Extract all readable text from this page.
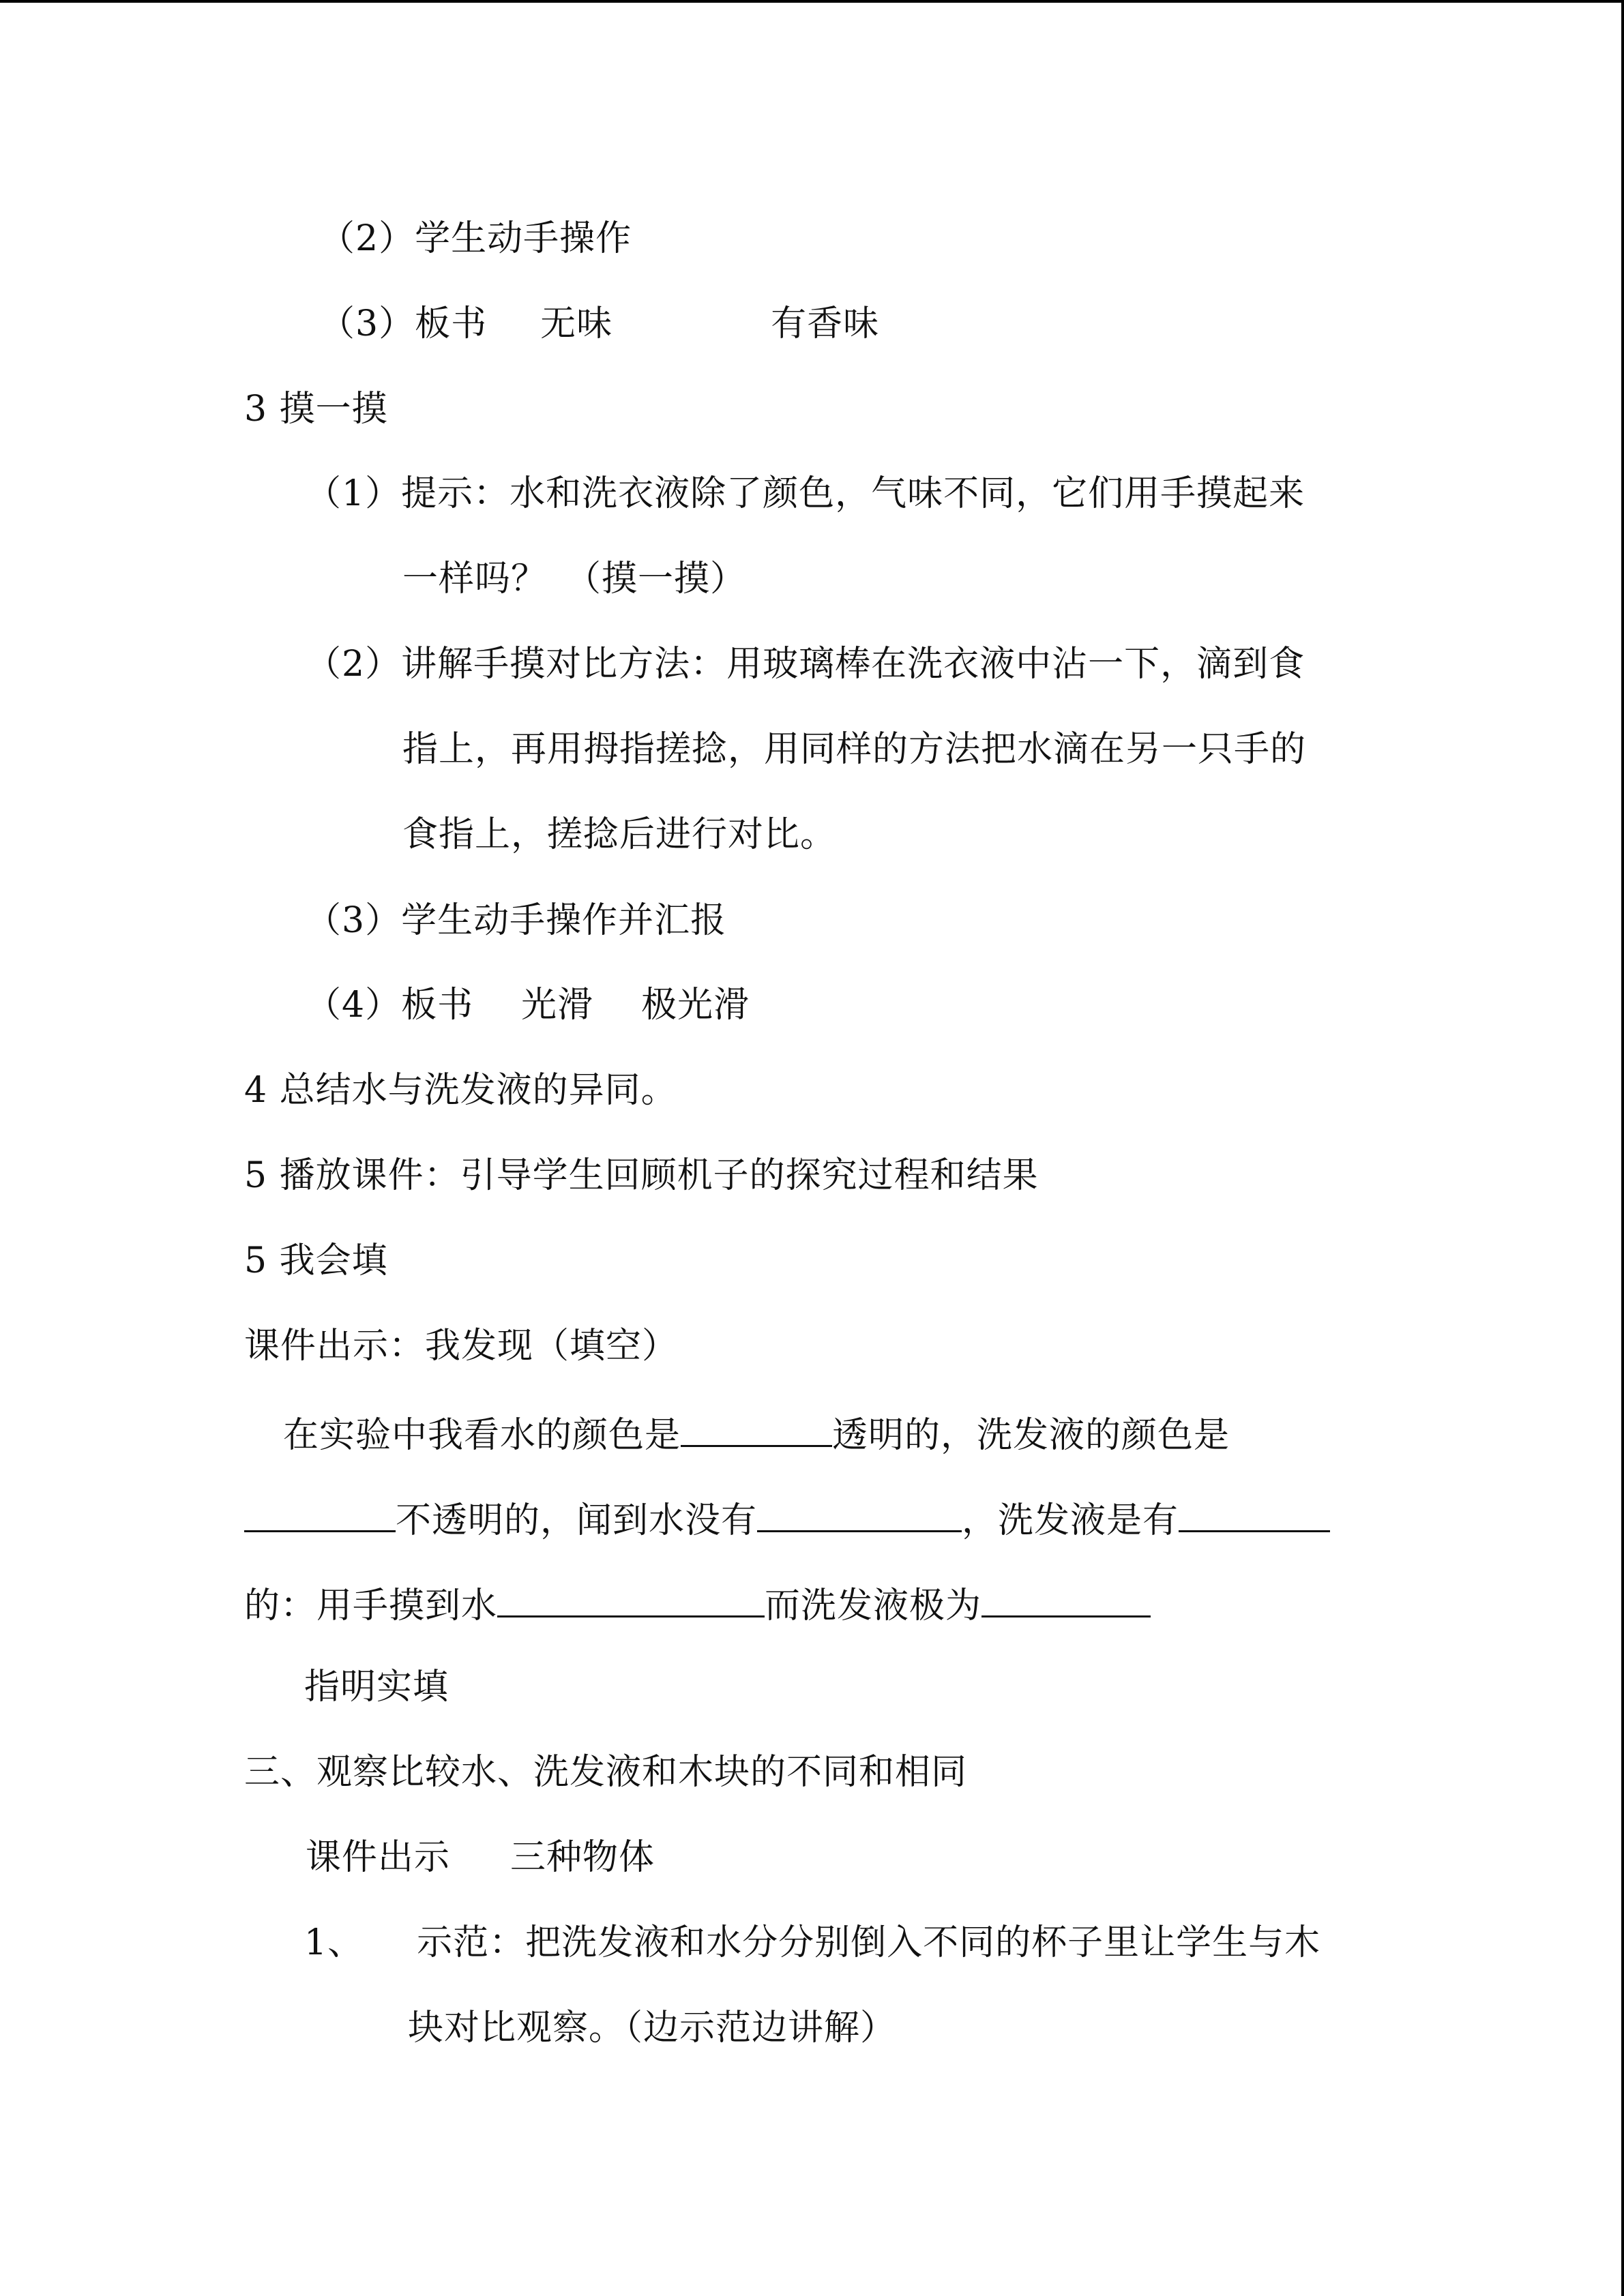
（2）学生动手操作
（3）板书 无味	有香味
3 摸一摸
（1）提示：水和洗衣液除了颜色，气味不同，它们用手摸起来
一样吗？　（摸一摸）
（2）讲解手摸对比方法：用玻璃棒在洗衣液中沾一下，滴到食
指上，再用拇指搓捻，用同样的方法把水滴在另一只手的
食指上，搓捻后进行对比。
（3）学生动手操作并汇报
（4）板书 光滑 极光滑
4 总结水与洗发液的异同。
5 播放课件：引导学生回顾机子的探究过程和结果
5 我会填
课件出示：我发现（填空）
在实验中我看水的颜色是	透明的，洗发液的颜色是
不透明的，闻到水没有	，洗发液是有
的：用手摸到水	而洗发液极为
指明实填
三、观察比较水、洗发液和木块的不同和相同
课件出示 三种物体
1、 示范：把洗发液和水分分别倒入不同的杯子里让学生与木
块对比观察。（边示范边讲解）
